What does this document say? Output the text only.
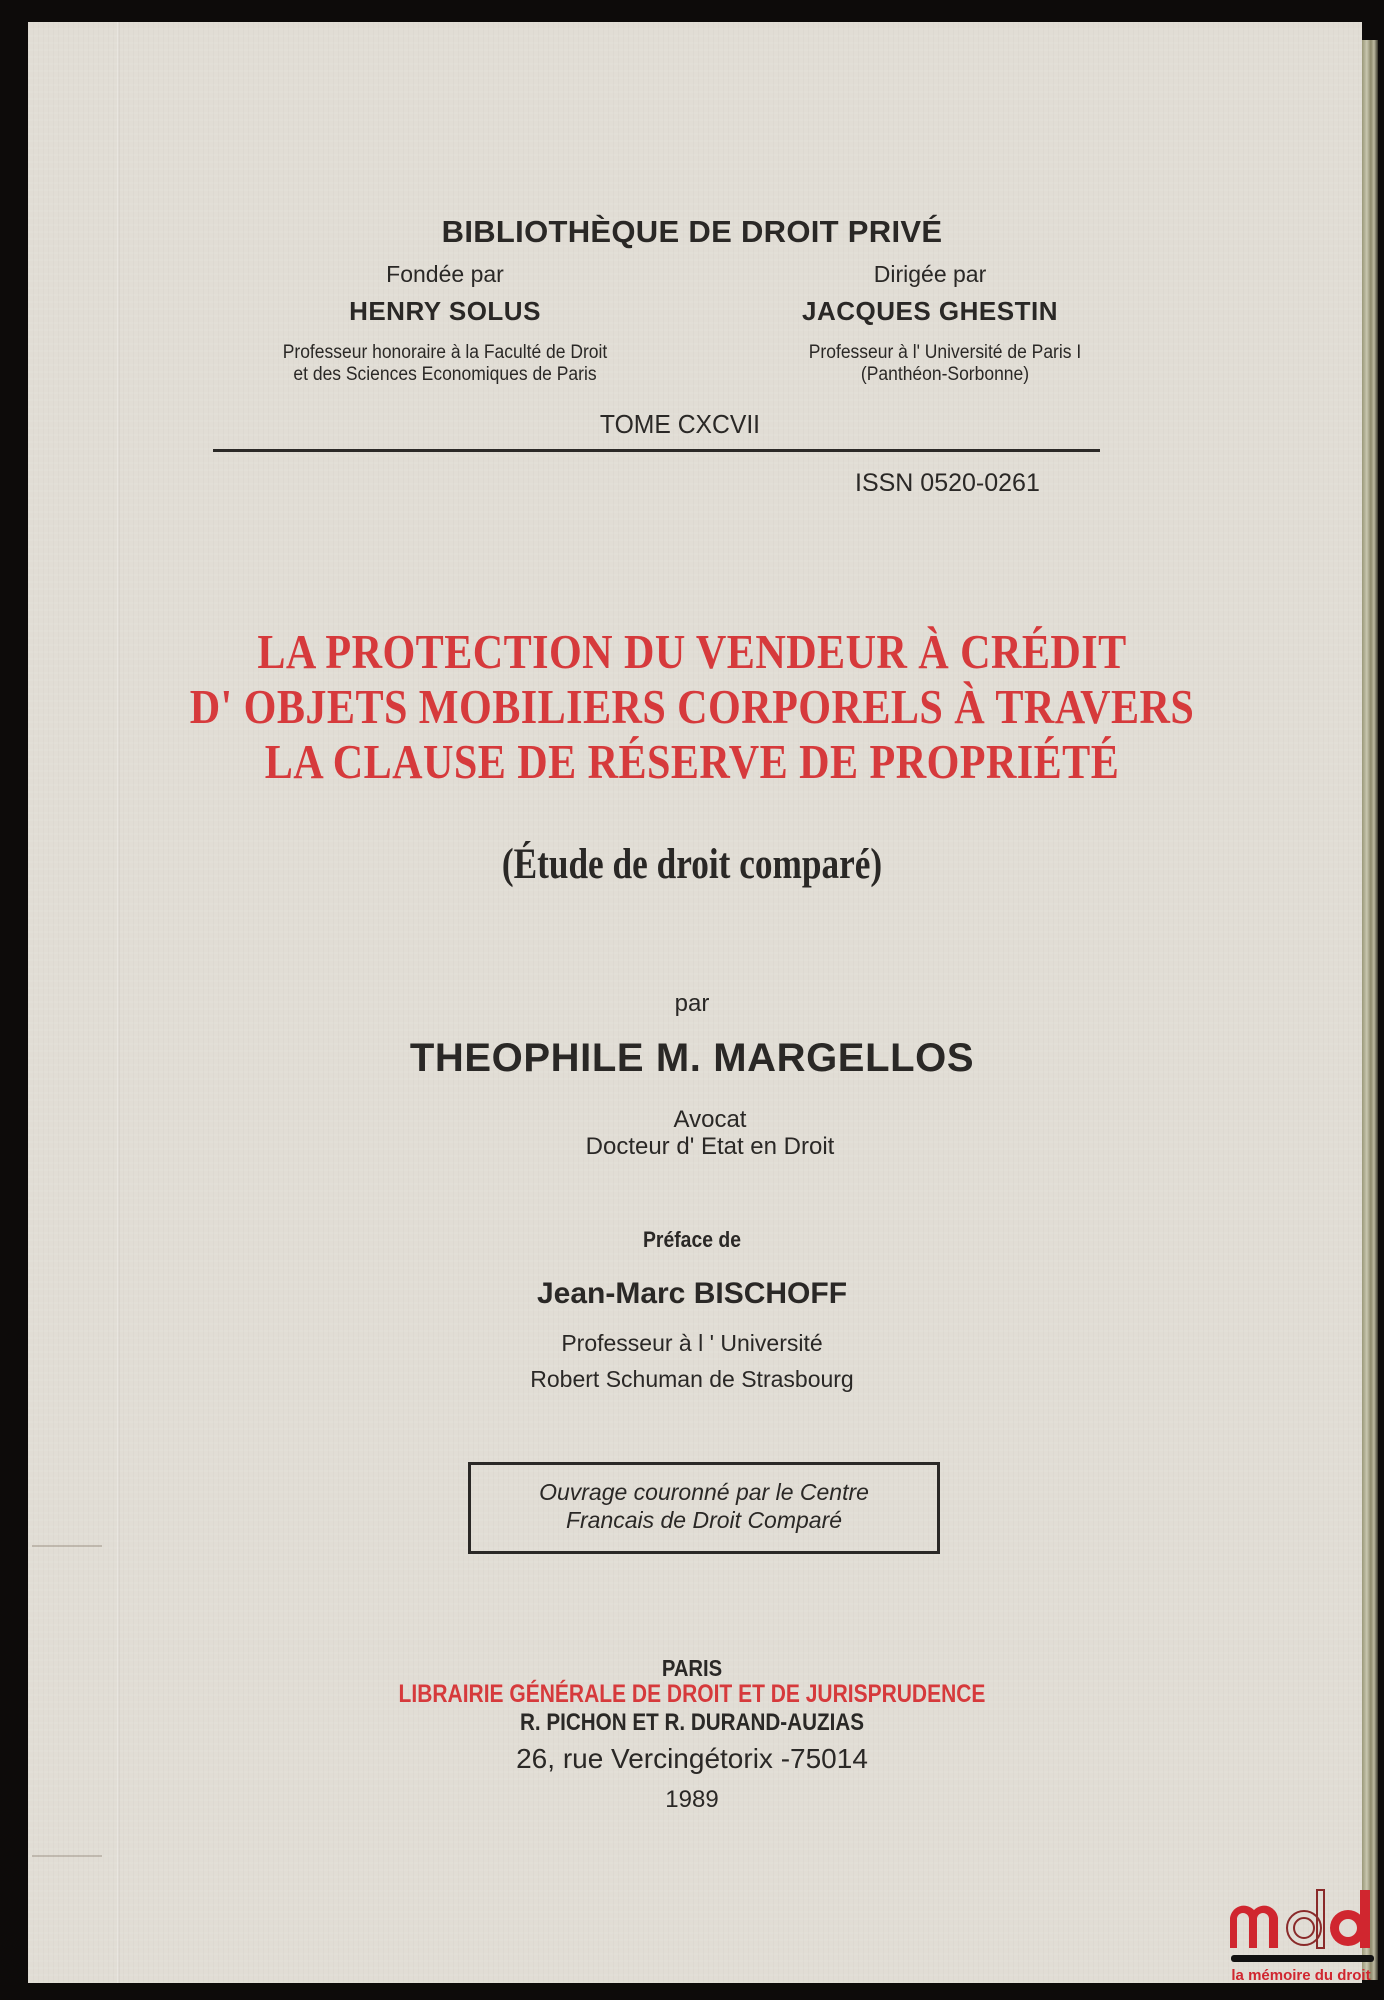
BIBLIOTHÈQUE DE DROIT PRIVÉ
Fondée par
HENRY SOLUS
Professeur honoraire à la Faculté de Droit
et des Sciences Economiques de Paris
Dirigée par
JACQUES GHESTIN
Professeur à l' Université de Paris I
(Panthéon-Sorbonne)
TOME CXCVII
ISSN 0520-0261
LA PROTECTION DU VENDEUR À CRÉDIT
D' OBJETS MOBILIERS CORPORELS À TRAVERS
LA CLAUSE DE RÉSERVE DE PROPRIÉTÉ
(Étude de droit comparé)
par
THEOPHILE M. MARGELLOS
Avocat
Docteur d' Etat en Droit
Préface de
Jean-Marc BISCHOFF
Professeur à l ' Université
Robert Schuman de Strasbourg
Ouvrage couronné par le Centre
Francais de Droit Comparé
PARIS
LIBRAIRIE GÉNÉRALE DE DROIT ET DE JURISPRUDENCE
R. PICHON ET R. DURAND-AUZIAS
26, rue Vercingétorix -75014
1989
la mémoire du droit
